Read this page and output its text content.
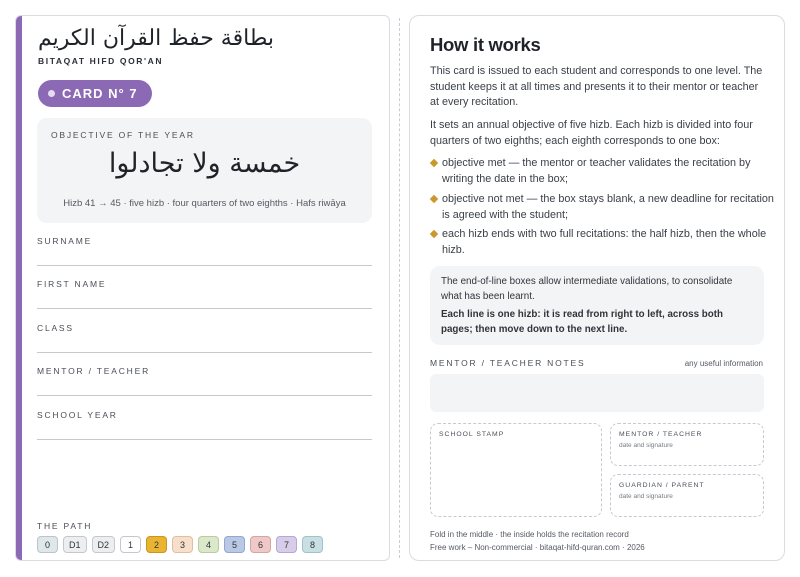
بطاقة حفظ القرآن الكريم
BITAQAT HIFD QOR'AN
CARD N° 7
OBJECTIVE OF THE YEAR
خمسة ولا تجادلوا
Hizb 41 → 45 · five hizb · four quarters of two eighths · Hafs riwāya
SURNAME
FIRST NAME
CLASS
MENTOR / TEACHER
SCHOOL YEAR
THE PATH
0	D1	D2	1	2	3	4	5	6	7	8
How it works
This card is issued to each student and corresponds to one level. The student keeps it at all times and presents it to their mentor or teacher at every recitation.
It sets an annual objective of five hizb. Each hizb is divided into four quarters of two eighths; each eighth corresponds to one box:
objective met — the mentor or teacher validates the recitation by writing the date in the box;
objective not met — the box stays blank, a new deadline for recitation is agreed with the student;
each hizb ends with two full recitations: the half hizb, then the whole hizb.
The end-of-line boxes allow intermediate validations, to consolidate what has been learnt.
Each line is one hizb: it is read from right to left, across both pages; then move down to the next line.
MENTOR / TEACHER NOTES	any useful information
SCHOOL STAMP	MENTOR / TEACHER
date and signature
GUARDIAN / PARENT
date and signature
Fold in the middle · the inside holds the recitation record
Free work – Non-commercial · bitaqat-hifd-quran.com · 2026
